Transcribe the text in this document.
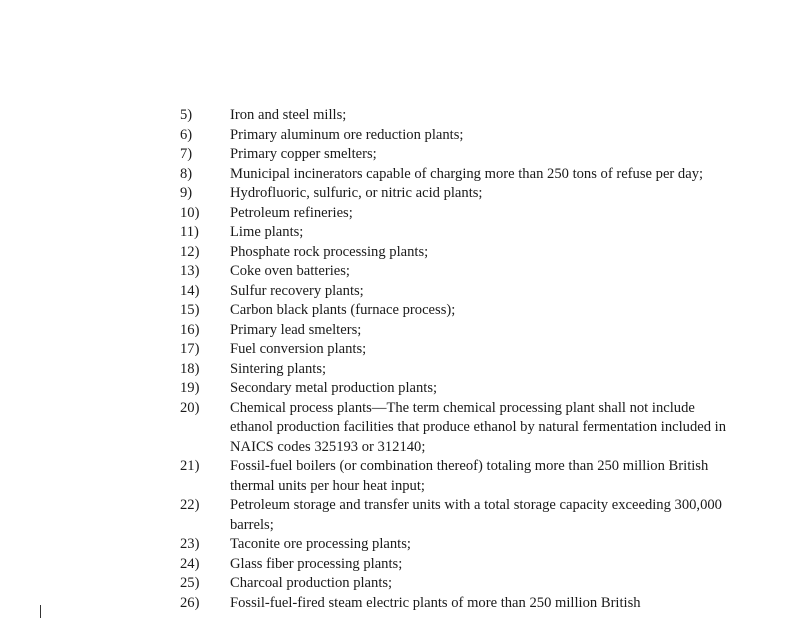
5)	Iron and steel mills;
6)	Primary aluminum ore reduction plants;
7)	Primary copper smelters;
8)	Municipal incinerators capable of charging more than 250 tons of refuse per day;
9)	Hydrofluoric, sulfuric, or nitric acid plants;
10)	Petroleum refineries;
11)	Lime plants;
12)	Phosphate rock processing plants;
13)	Coke oven batteries;
14)	Sulfur recovery plants;
15)	Carbon black plants (furnace process);
16)	Primary lead smelters;
17)	Fuel conversion plants;
18)	Sintering plants;
19)	Secondary metal production plants;
20)	Chemical process plants—The term chemical processing plant shall not include ethanol production facilities that produce ethanol by natural fermentation included in NAICS codes 325193 or 312140;
21)	Fossil-fuel boilers (or combination thereof) totaling more than 250 million British thermal units per hour heat input;
22)	Petroleum storage and transfer units with a total storage capacity exceeding 300,000 barrels;
23)	Taconite ore processing plants;
24)	Glass fiber processing plants;
25)	Charcoal production plants;
26)	Fossil-fuel-fired steam electric plants of more than 250 million British
